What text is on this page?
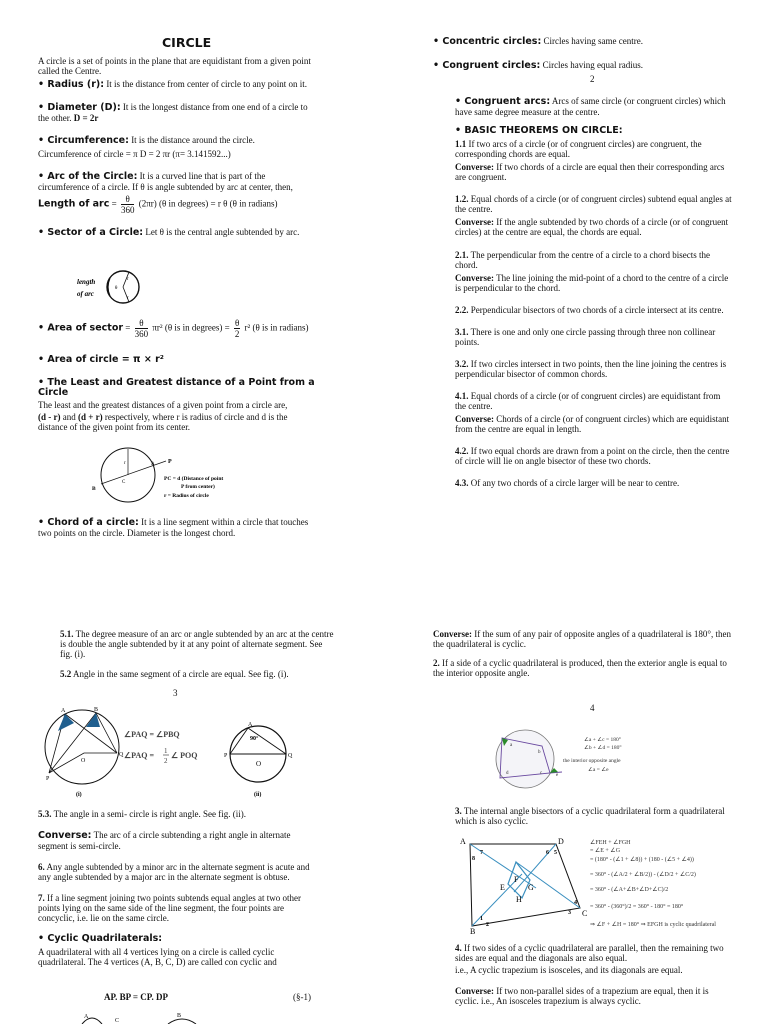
CIRCLE

A circle is a set of points in the plane that are equidistant from a given point called the Centre.

• Radius (r): It is the distance from center of circle to any point on it.

• Diameter (D): It is the longest distance from one end of a circle to the other. D = 2r

• Circumference: It is the distance around the circle.

Circumference of circle = π D = 2 πr (π= 3.141592...)

• Arc of the Circle: It is a curved line that is part of the circumference of a circle. If θ is angle subtended by arc at center, then,

Length of arc = $\frac{\theta}{360} (2\pi r)$ (θ in degrees) = r θ (θ in radians)

• Sector of a Circle: Let θ is the central angle subtended by arc.

length
of arc
r
r
θ

• Area of sector = $\frac{\theta}{360} \pi r^2$ (θ is in degrees) = $\frac{\theta}{2} r^2$ (θ is in radians)

• Area of circle = π × r²

• The Least and Greatest distance of a Point from a Circle

The least and the greatest distances of a given point from a circle are,

(d - r) and (d + r) respectively, where r is radius of circle and d is the distance of the given point from its center.

P
A
B
C
r
PC = d (Distance of point
P from center)
r = Radius of circle

• Chord of a circle: It is a line segment within a circle that touches two points on the circle. Diameter is the longest chord.

• Concentric circles: Circles having same centre.

• Congruent circles: Circles having equal radius.

2

• Congruent arcs: Arcs of same circle (or congruent circles) which have same degree measure at the centre.

• BASIC THEOREMS ON CIRCLE:

1.1 If two arcs of a circle (or of congruent circles) are congruent, the corresponding chords are equal.

Converse: If two chords of a circle are equal then their corresponding arcs are congruent.

1.2. Equal chords of a circle (or of congruent circles) subtend equal angles at the centre.

Converse: If the angle subtended by two chords of a circle (or of congruent circles) at the centre are equal, the chords are equal.

2.1. The perpendicular from the centre of a circle to a chord bisects the chord.

Converse: The line joining the mid-point of a chord to the centre of a circle is perpendicular to the chord.

2.2. Perpendicular bisectors of two chords of a circle intersect at its centre.

3.1. There is one and only one circle passing through three non collinear points.

3.2. If two circles intersect in two points, then the line joining the centres is perpendicular bisector of common chords.

4.1. Equal chords of a circle (or of congruent circles) are equidistant from the centre.

Converse: Chords of a circle (or of congruent circles) which are equidistant from the centre are equal in length.

4.2. If two equal chords are drawn from a point on the circle, then the centre of circle will lie on angle bisector of these two chords.

4.3. Of any two chords of a circle larger will be near to centre.

5.1. The degree measure of an arc or angle subtended by an arc at the centre is double the angle subtended by it at any point of alternate segment. See fig. (i).

5.2 Angle in the same segment of a circle are equal. See fig. (i).

3
A	B
P
Q
O
(i)
∠PAQ = ∠PBQ
∠PAQ = 1
2
∠ POQ
A
90°
P	Q
O
(ii)

5.3. The angle in a semi- circle is right angle. See fig. (ii).

Converse: The arc of a circle subtending a right angle in alternate segment is semi-circle.

6. Any angle subtended by a minor arc in the alternate segment is acute and any angle subtended by a major arc in the alternate segment is obtuse.

7. If a line segment joining two points subtends equal angles at two other points lying on the same side of the line segment, the four points are concyclic, i.e. lie on the same circle.

• Cyclic Quadrilaterals:

A quadrilateral with all 4 vertices lying on a circle is called cyclic quadrilateral. The 4 vertices (A, B, C, D) are called con cyclic and

AP. BP = CP. DP	(§-1)
A
C
B

Converse: If the sum of any pair of opposite angles of a quadrilateral is 180°, then the quadrilateral is cyclic.

2. If a side of a cyclic quadrilateral is produced, then the exterior angle is equal to the interior opposite angle.

4
a
b
c
d	e
∠a + ∠c = 180°
∠b + ∠d = 180°
the interior opposite angle
∠a = ∠e

3. The internal angle bisectors of a cyclic quadrilateral form a quadrilateral which is also cyclic.

A	D
C
B
E
F
G
H
1
2
3
4
5
6
7
8
∠FEH + ∠FGH
= ∠E + ∠G
= (180° - (∠1 + ∠8)) + (180 - (∠5 + ∠4))
= 360° - (∠A/2 + ∠B/2)) - (∠D/2 + ∠C/2)
= 360° - (∠A+∠B+∠D+∠C)/2
= 360° - (360°)/2 = 360° - 180° = 180°
⇒ ∠F + ∠H = 180° ⇒ EFGH is cyclic quadrilateral

4. If two sides of a cyclic quadrilateral are parallel, then the remaining two sides are equal and the diagonals are also equal.

i.e., A cyclic trapezium is isosceles, and its diagonals are equal.

Converse: If two non-parallel sides of a trapezium are equal, then it is cyclic. i.e., An isosceles trapezium is always cyclic.
